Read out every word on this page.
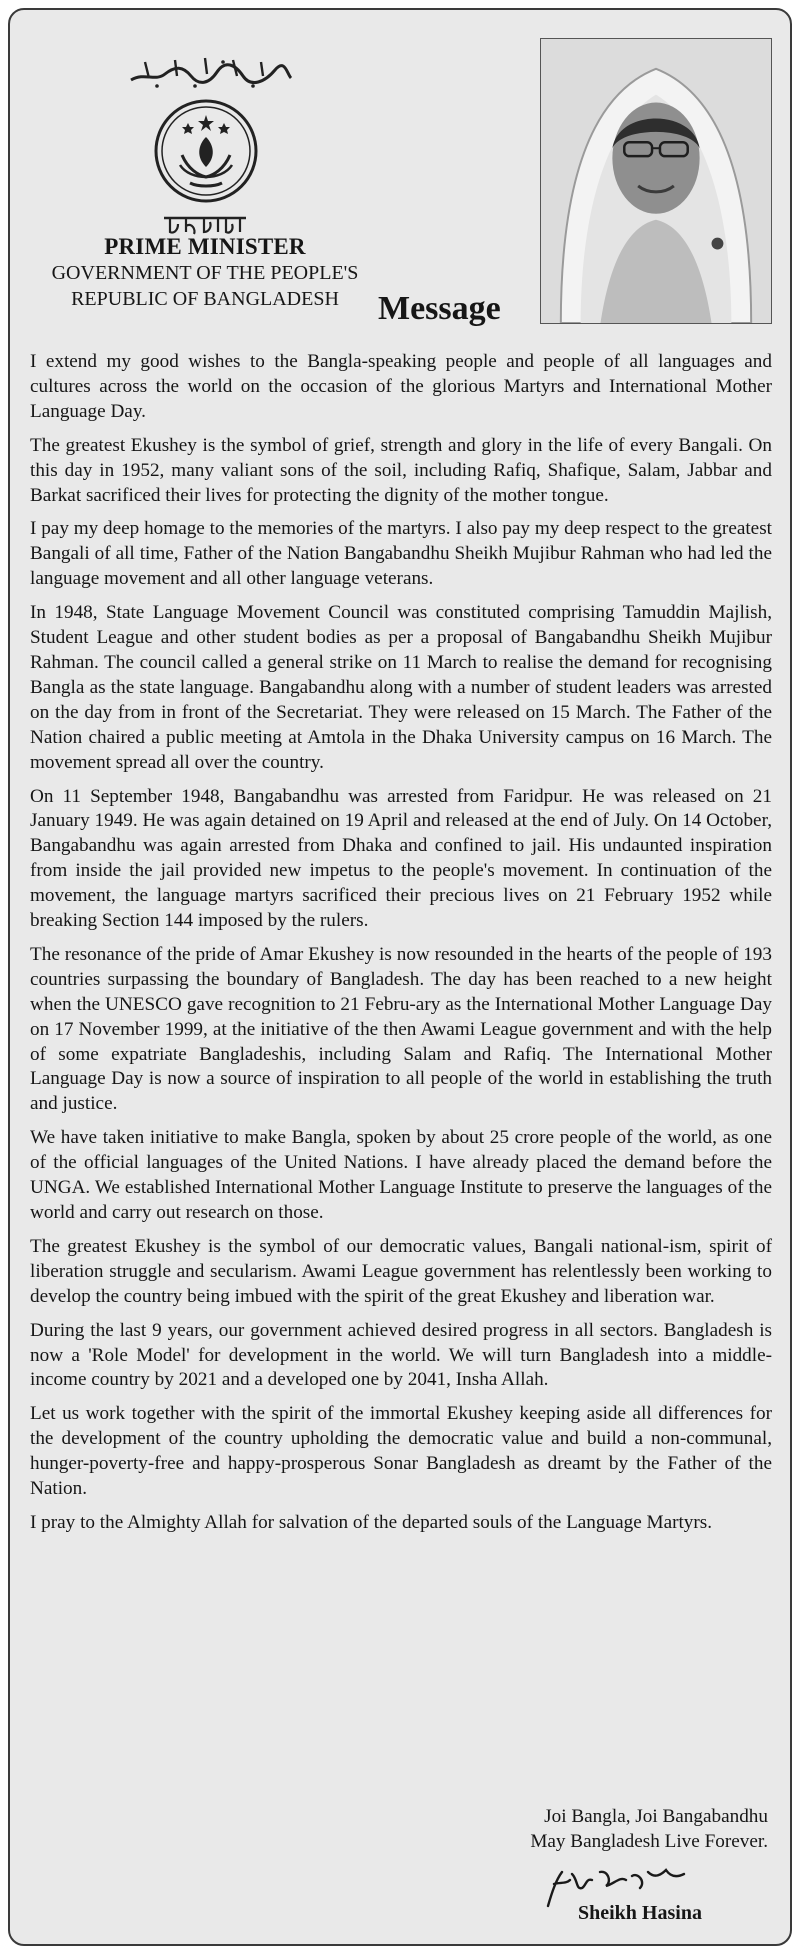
PRIME MINISTER
GOVERNMENT OF THE PEOPLE'S
REPUBLIC OF BANGLADESH	Message

I extend my good wishes to the Bangla-speaking people and people of all languages and cultures across the world on the occasion of the glorious Martyrs and International Mother Language Day.

The greatest Ekushey is the symbol of grief, strength and glory in the life of every Bangali. On this day in 1952, many valiant sons of the soil, including Rafiq, Shafique, Salam, Jabbar and Barkat sacrificed their lives for protecting the dignity of the mother tongue.

I pay my deep homage to the memories of the martyrs. I also pay my deep respect to the greatest Bangali of all time, Father of the Nation Bangabandhu Sheikh Mujibur Rahman who had led the language movement and all other language veterans.

In 1948, State Language Movement Council was constituted comprising Tamuddin Majlish, Student League and other student bodies as per a proposal of Bangabandhu Sheikh Mujibur Rahman. The council called a general strike on 11 March to realise the demand for recognising Bangla as the state language. Bangabandhu along with a number of student leaders was arrested on the day from in front of the Secretariat. They were released on 15 March. The Father of the Nation chaired a public meeting at Amtola in the Dhaka University campus on 16 March. The movement spread all over the country.

On 11 September 1948, Bangabandhu was arrested from Faridpur. He was released on 21 January 1949. He was again detained on 19 April and released at the end of July. On 14 October, Bangabandhu was again arrested from Dhaka and confined to jail. His undaunted inspiration from inside the jail provided new impetus to the people's movement. In continuation of the movement, the language martyrs sacrificed their precious lives on 21 February 1952 while breaking Section 144 imposed by the rulers.

The resonance of the pride of Amar Ekushey is now resounded in the hearts of the people of 193 countries surpassing the boundary of Bangladesh. The day has been reached to a new height when the UNESCO gave recognition to 21 Febru-ary as the International Mother Language Day on 17 November 1999, at the initiative of the then Awami League government and with the help of some expatriate Bangladeshis, including Salam and Rafiq. The International Mother Language Day is now a source of inspiration to all people of the world in establishing the truth and justice.

We have taken initiative to make Bangla, spoken by about 25 crore people of the world, as one of the official languages of the United Nations. I have already placed the demand before the UNGA. We established International Mother Language Institute to preserve the languages of the world and carry out research on those.

The greatest Ekushey is the symbol of our democratic values, Bangali national-ism, spirit of liberation struggle and secularism. Awami League government has relentlessly been working to develop the country being imbued with the spirit of the great Ekushey and liberation war.

During the last 9 years, our government achieved desired progress in all sectors. Bangladesh is now a 'Role Model' for development in the world. We will turn Bangladesh into a middle-income country by 2021 and a developed one by 2041, Insha Allah.

Let us work together with the spirit of the immortal Ekushey keeping aside all differences for the development of the country upholding the democratic value and build a non-communal, hunger-poverty-free and happy-prosperous Sonar Bangladesh as dreamt by the Father of the Nation.

I pray to the Almighty Allah for salvation of the departed souls of the Language Martyrs.

Joi Bangla, Joi Bangabandhu
May Bangladesh Live Forever.
Sheikh Hasina
